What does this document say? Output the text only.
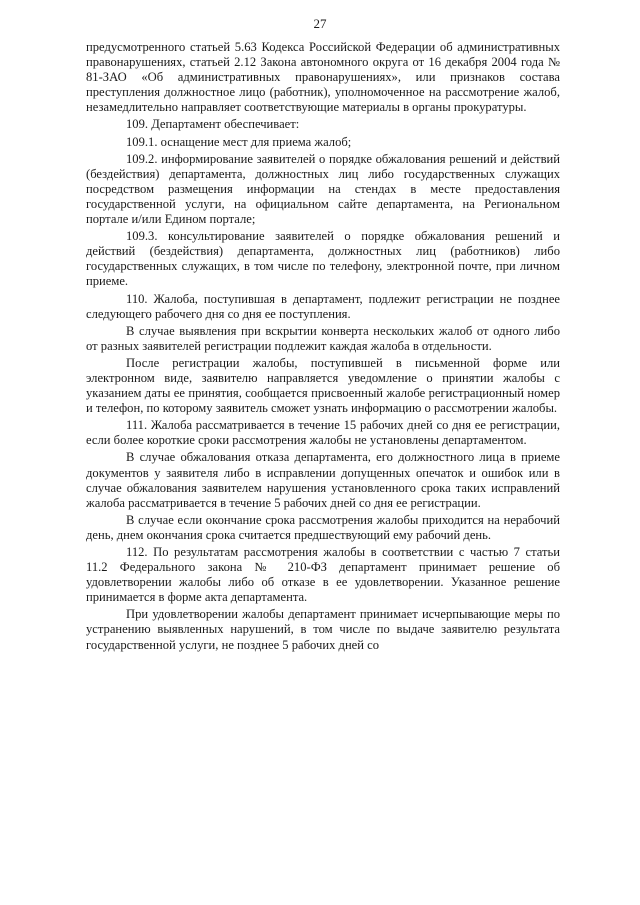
27

предусмотренного статьей 5.63 Кодекса Российской Федерации об административных правонарушениях, статьей 2.12 Закона автономного округа от 16 декабря 2004 года № 81-ЗАО «Об административных правонарушениях», или признаков состава преступления должностное лицо (работник), уполномоченное на рассмотрение жалоб, незамедлительно направляет соответствующие материалы в органы прокуратуры.

109. Департамент обеспечивает:

109.1. оснащение мест для приема жалоб;

109.2. информирование заявителей о порядке обжалования решений и действий (бездействия) департамента, должностных лиц либо государственных служащих посредством размещения информации на стендах в месте предоставления государственной услуги, на официальном сайте департамента, на Региональном портале и/или Едином портале;

109.3. консультирование заявителей о порядке обжалования решений и действий (бездействия) департамента, должностных лиц (работников) либо государственных служащих, в том числе по телефону, электронной почте, при личном приеме.

110. Жалоба, поступившая в департамент, подлежит регистрации не позднее следующего рабочего дня со дня ее поступления.

В случае выявления при вскрытии конверта нескольких жалоб от одного либо от разных заявителей регистрации подлежит каждая жалоба в отдельности.

После регистрации жалобы, поступившей в письменной форме или электронном виде, заявителю направляется уведомление о принятии жалобы с указанием даты ее принятия, сообщается присвоенный жалобе регистрационный номер и телефон, по которому заявитель сможет узнать информацию о рассмотрении жалобы.

111. Жалоба рассматривается в течение 15 рабочих дней со дня ее регистрации, если более короткие сроки рассмотрения жалобы не установлены департаментом.

В случае обжалования отказа департамента, его должностного лица в приеме документов у заявителя либо в исправлении допущенных опечаток и ошибок или в случае обжалования заявителем нарушения установленного срока таких исправлений жалоба рассматривается в течение 5 рабочих дней со дня ее регистрации.

В случае если окончание срока рассмотрения жалобы приходится на нерабочий день, днем окончания срока считается предшествующий ему рабочий день.

112. По результатам рассмотрения жалобы в соответствии с частью 7 статьи 11.2 Федерального закона № 210-ФЗ департамент принимает решение об удовлетворении жалобы либо об отказе в ее удовлетворении. Указанное решение принимается в форме акта департамента.

При удовлетворении жалобы департамент принимает исчерпывающие меры по устранению выявленных нарушений, в том числе по выдаче заявителю результата государственной услуги, не позднее 5 рабочих дней со
